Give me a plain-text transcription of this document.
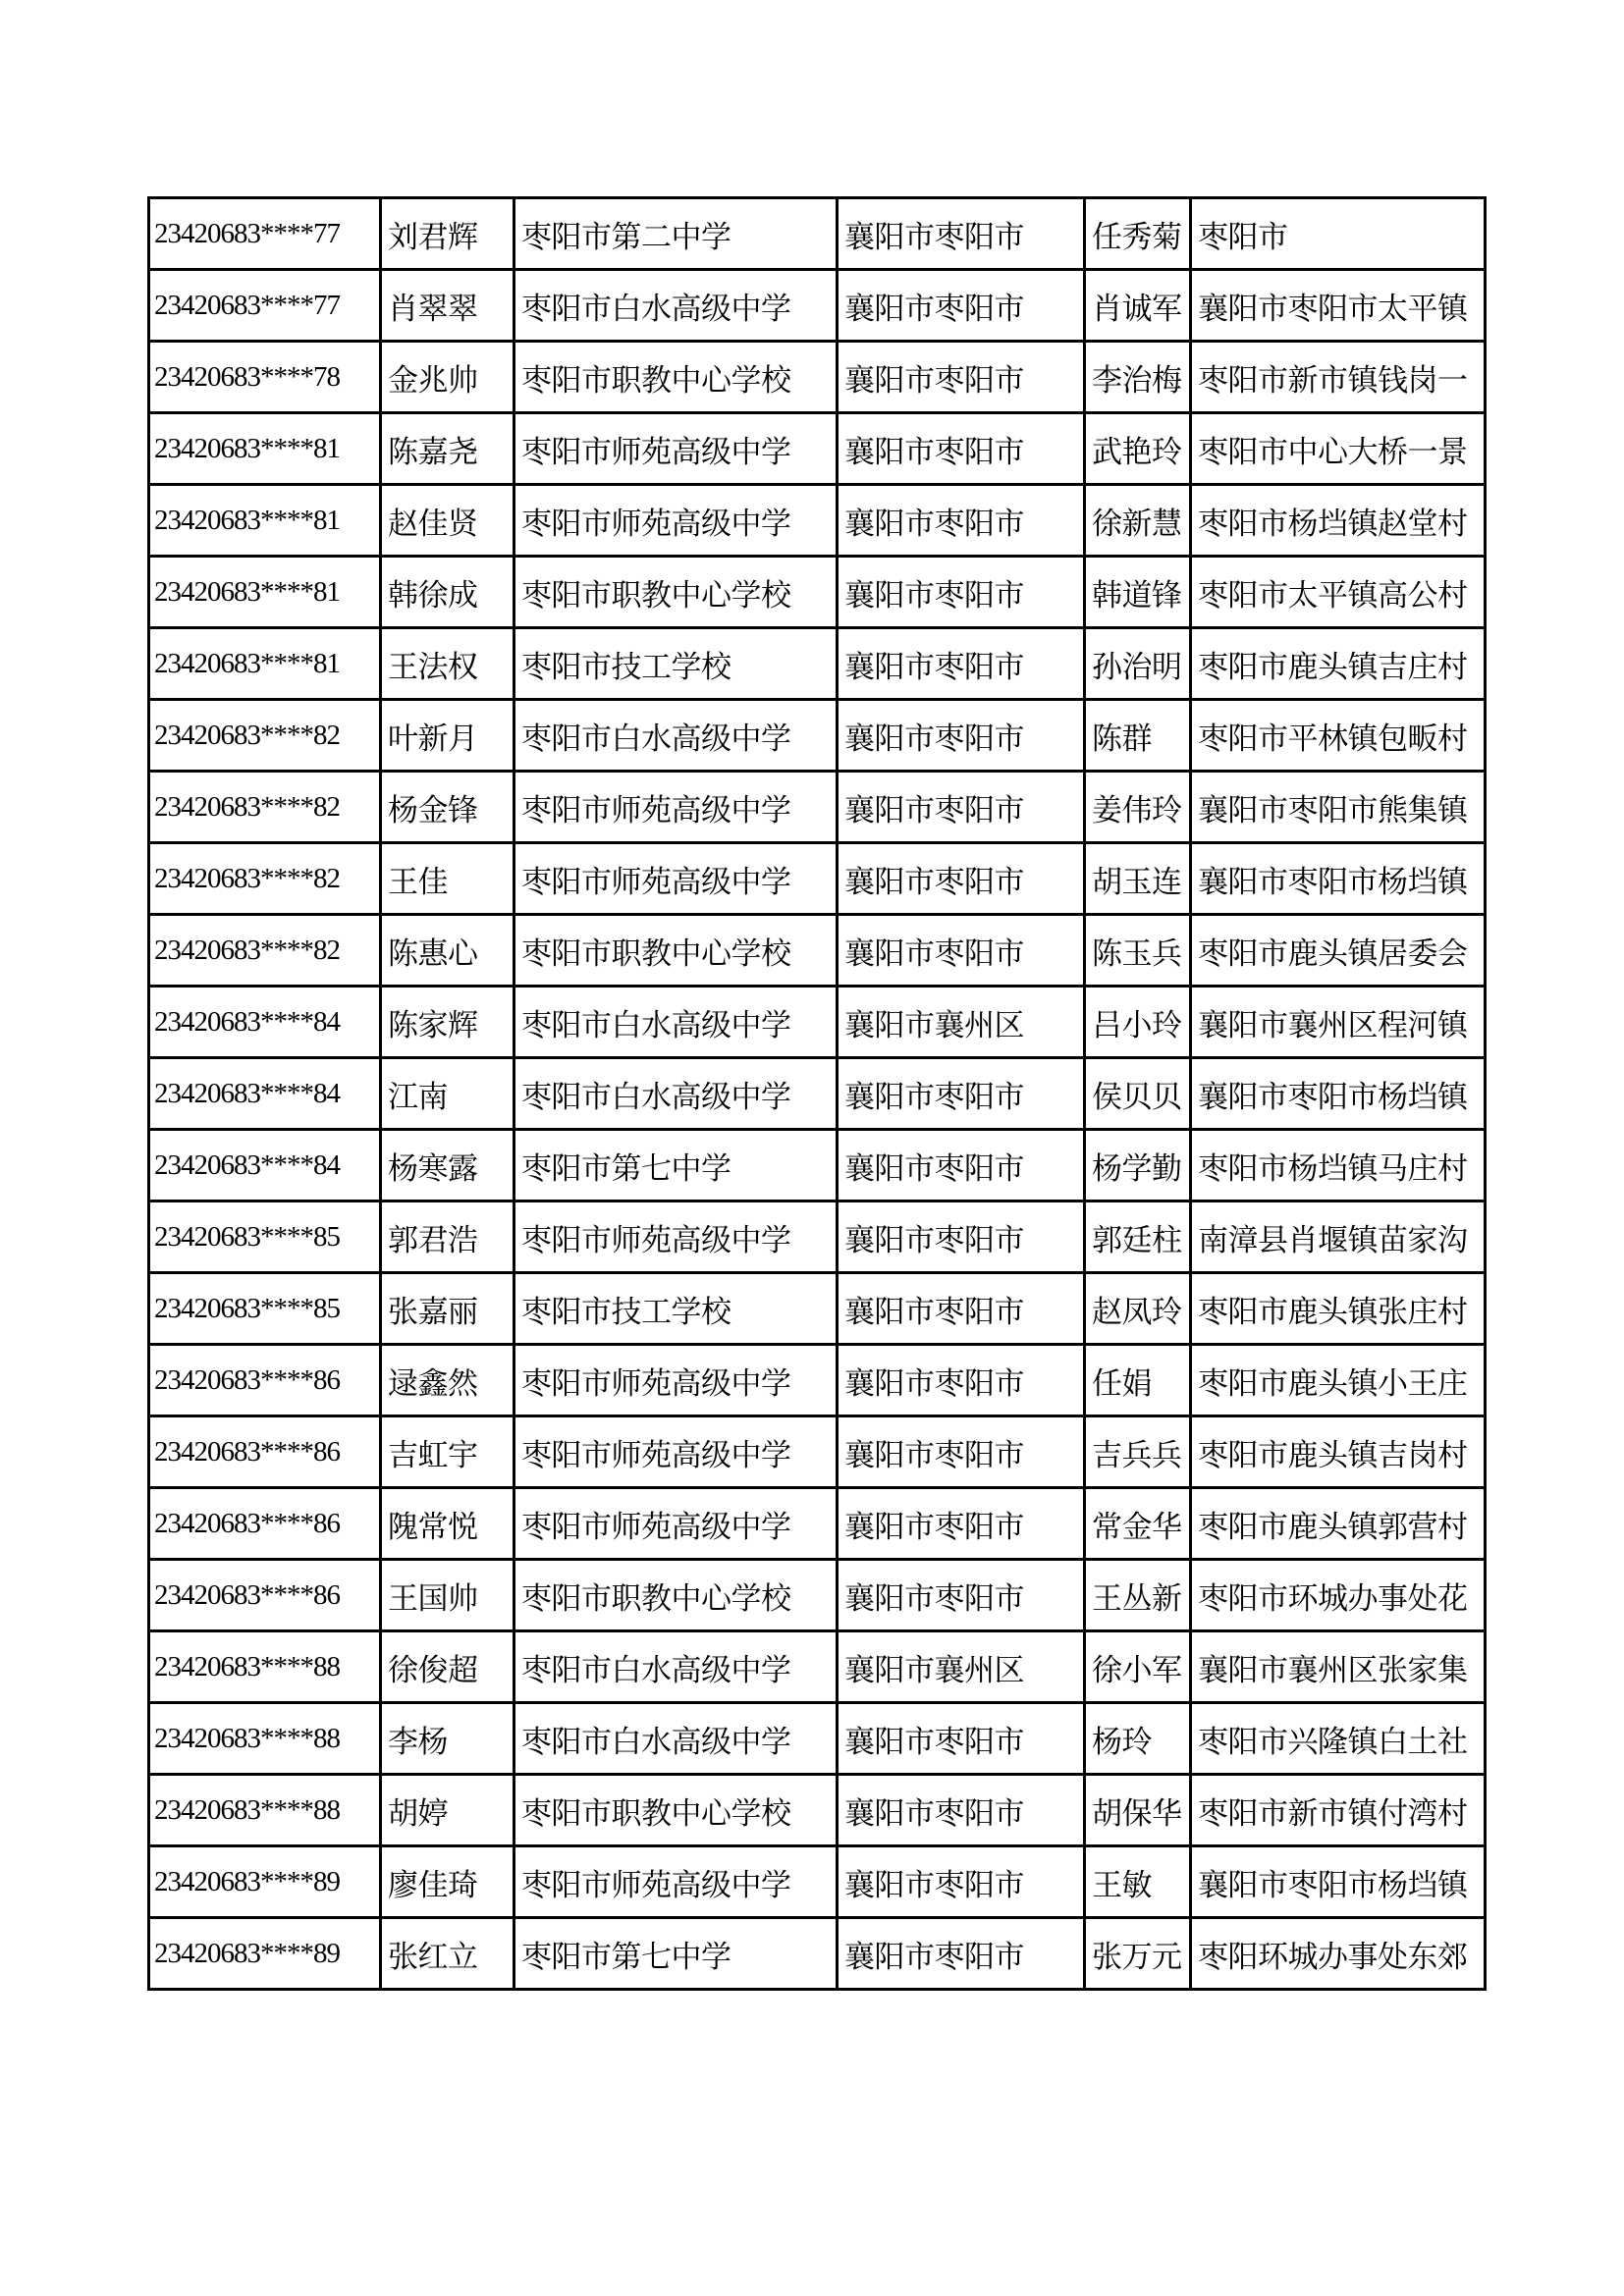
23420683****77	刘君辉	枣阳市第二中学	襄阳市枣阳市	任秀菊	枣阳市
23420683****77	肖翠翠	枣阳市白水高级中学	襄阳市枣阳市	肖诚军	襄阳市枣阳市太平镇
23420683****78	金兆帅	枣阳市职教中心学校	襄阳市枣阳市	李治梅	枣阳市新市镇钱岗一
23420683****81	陈嘉尧	枣阳市师苑高级中学	襄阳市枣阳市	武艳玲	枣阳市中心大桥一景
23420683****81	赵佳贤	枣阳市师苑高级中学	襄阳市枣阳市	徐新慧	枣阳市杨垱镇赵堂村
23420683****81	韩徐成	枣阳市职教中心学校	襄阳市枣阳市	韩道锋	枣阳市太平镇高公村
23420683****81	王法权	枣阳市技工学校	襄阳市枣阳市	孙治明	枣阳市鹿头镇吉庄村
23420683****82	叶新月	枣阳市白水高级中学	襄阳市枣阳市	陈群	枣阳市平林镇包畈村
23420683****82	杨金锋	枣阳市师苑高级中学	襄阳市枣阳市	姜伟玲	襄阳市枣阳市熊集镇
23420683****82	王佳	枣阳市师苑高级中学	襄阳市枣阳市	胡玉连	襄阳市枣阳市杨垱镇
23420683****82	陈惠心	枣阳市职教中心学校	襄阳市枣阳市	陈玉兵	枣阳市鹿头镇居委会
23420683****84	陈家辉	枣阳市白水高级中学	襄阳市襄州区	吕小玲	襄阳市襄州区程河镇
23420683****84	江南	枣阳市白水高级中学	襄阳市枣阳市	侯贝贝	襄阳市枣阳市杨垱镇
23420683****84	杨寒露	枣阳市第七中学	襄阳市枣阳市	杨学勤	枣阳市杨垱镇马庄村
23420683****85	郭君浩	枣阳市师苑高级中学	襄阳市枣阳市	郭廷柱	南漳县肖堰镇苗家沟
23420683****85	张嘉丽	枣阳市技工学校	襄阳市枣阳市	赵凤玲	枣阳市鹿头镇张庄村
23420683****86	逯鑫然	枣阳市师苑高级中学	襄阳市枣阳市	任娟	枣阳市鹿头镇小王庄
23420683****86	吉虹宇	枣阳市师苑高级中学	襄阳市枣阳市	吉兵兵	枣阳市鹿头镇吉岗村
23420683****86	隗常悦	枣阳市师苑高级中学	襄阳市枣阳市	常金华	枣阳市鹿头镇郭营村
23420683****86	王国帅	枣阳市职教中心学校	襄阳市枣阳市	王丛新	枣阳市环城办事处花
23420683****88	徐俊超	枣阳市白水高级中学	襄阳市襄州区	徐小军	襄阳市襄州区张家集
23420683****88	李杨	枣阳市白水高级中学	襄阳市枣阳市	杨玲	枣阳市兴隆镇白土社
23420683****88	胡婷	枣阳市职教中心学校	襄阳市枣阳市	胡保华	枣阳市新市镇付湾村
23420683****89	廖佳琦	枣阳市师苑高级中学	襄阳市枣阳市	王敏	襄阳市枣阳市杨垱镇
23420683****89	张红立	枣阳市第七中学	襄阳市枣阳市	张万元	枣阳环城办事处东郊
